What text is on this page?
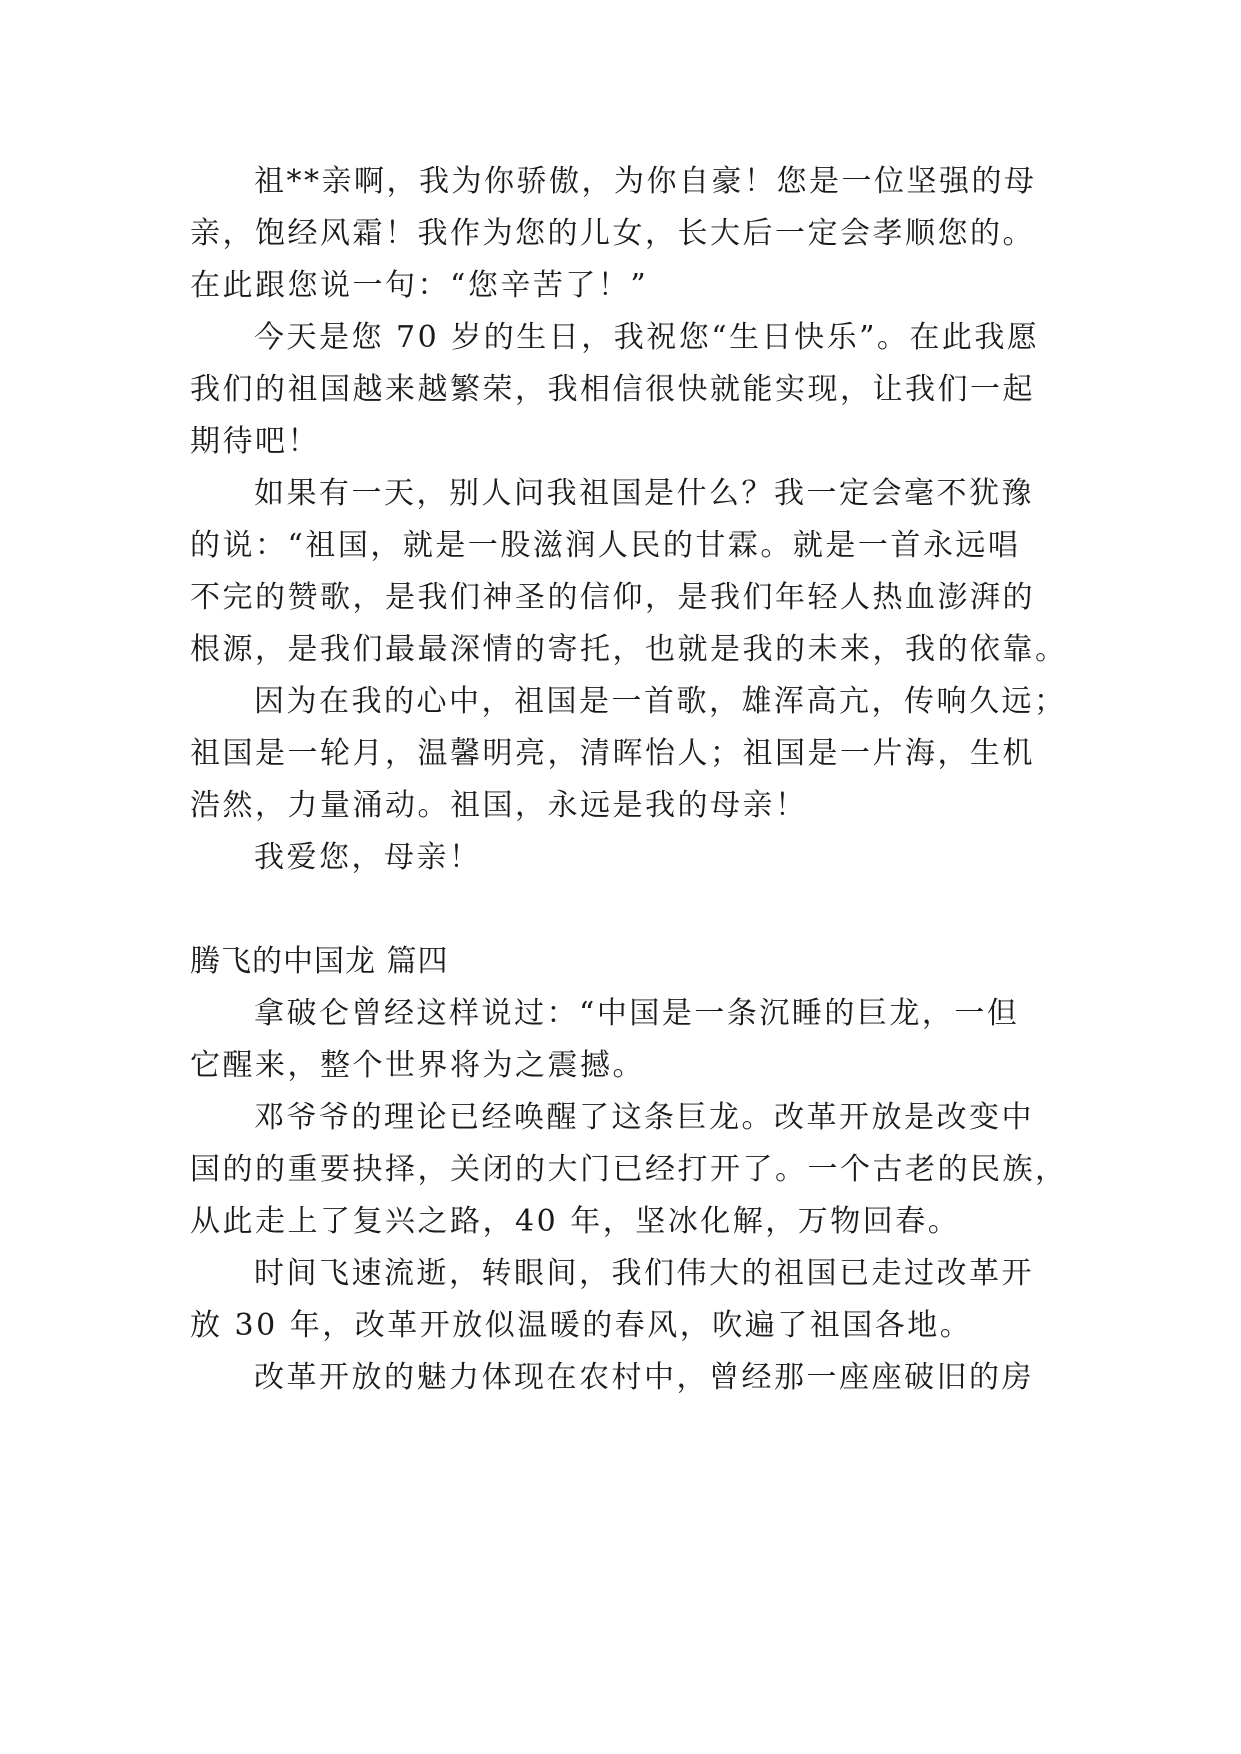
祖**亲啊，我为你骄傲，为你自豪！您是一位坚强的母
亲，饱经风霜！我作为您的儿女，长大后一定会孝顺您的。
在此跟您说一句：“您辛苦了！”
今天是您 70 岁的生日，我祝您“生日快乐”。在此我愿
我们的祖国越来越繁荣，我相信很快就能实现，让我们一起
期待吧！
如果有一天，别人问我祖国是什么？我一定会毫不犹豫
的说：“祖国，就是一股滋润人民的甘霖。就是一首永远唱
不完的赞歌，是我们神圣的信仰，是我们年轻人热血澎湃的
根源，是我们最最深情的寄托，也就是我的未来，我的依靠。
因为在我的心中，祖国是一首歌，雄浑高亢，传响久远；
祖国是一轮月，温馨明亮，清晖怡人；祖国是一片海，生机
浩然，力量涌动。祖国，永远是我的母亲！
我爱您，母亲！
腾飞的中国龙 篇四
拿破仑曾经这样说过：“中国是一条沉睡的巨龙，一但
它醒来，整个世界将为之震撼。
邓爷爷的理论已经唤醒了这条巨龙。改革开放是改变中
国的的重要抉择，关闭的大门已经打开了。一个古老的民族，
从此走上了复兴之路，40 年，坚冰化解，万物回春。
时间飞速流逝，转眼间，我们伟大的祖国已走过改革开
放 30 年，改革开放似温暖的春风，吹遍了祖国各地。
改革开放的魅力体现在农村中，曾经那一座座破旧的房
